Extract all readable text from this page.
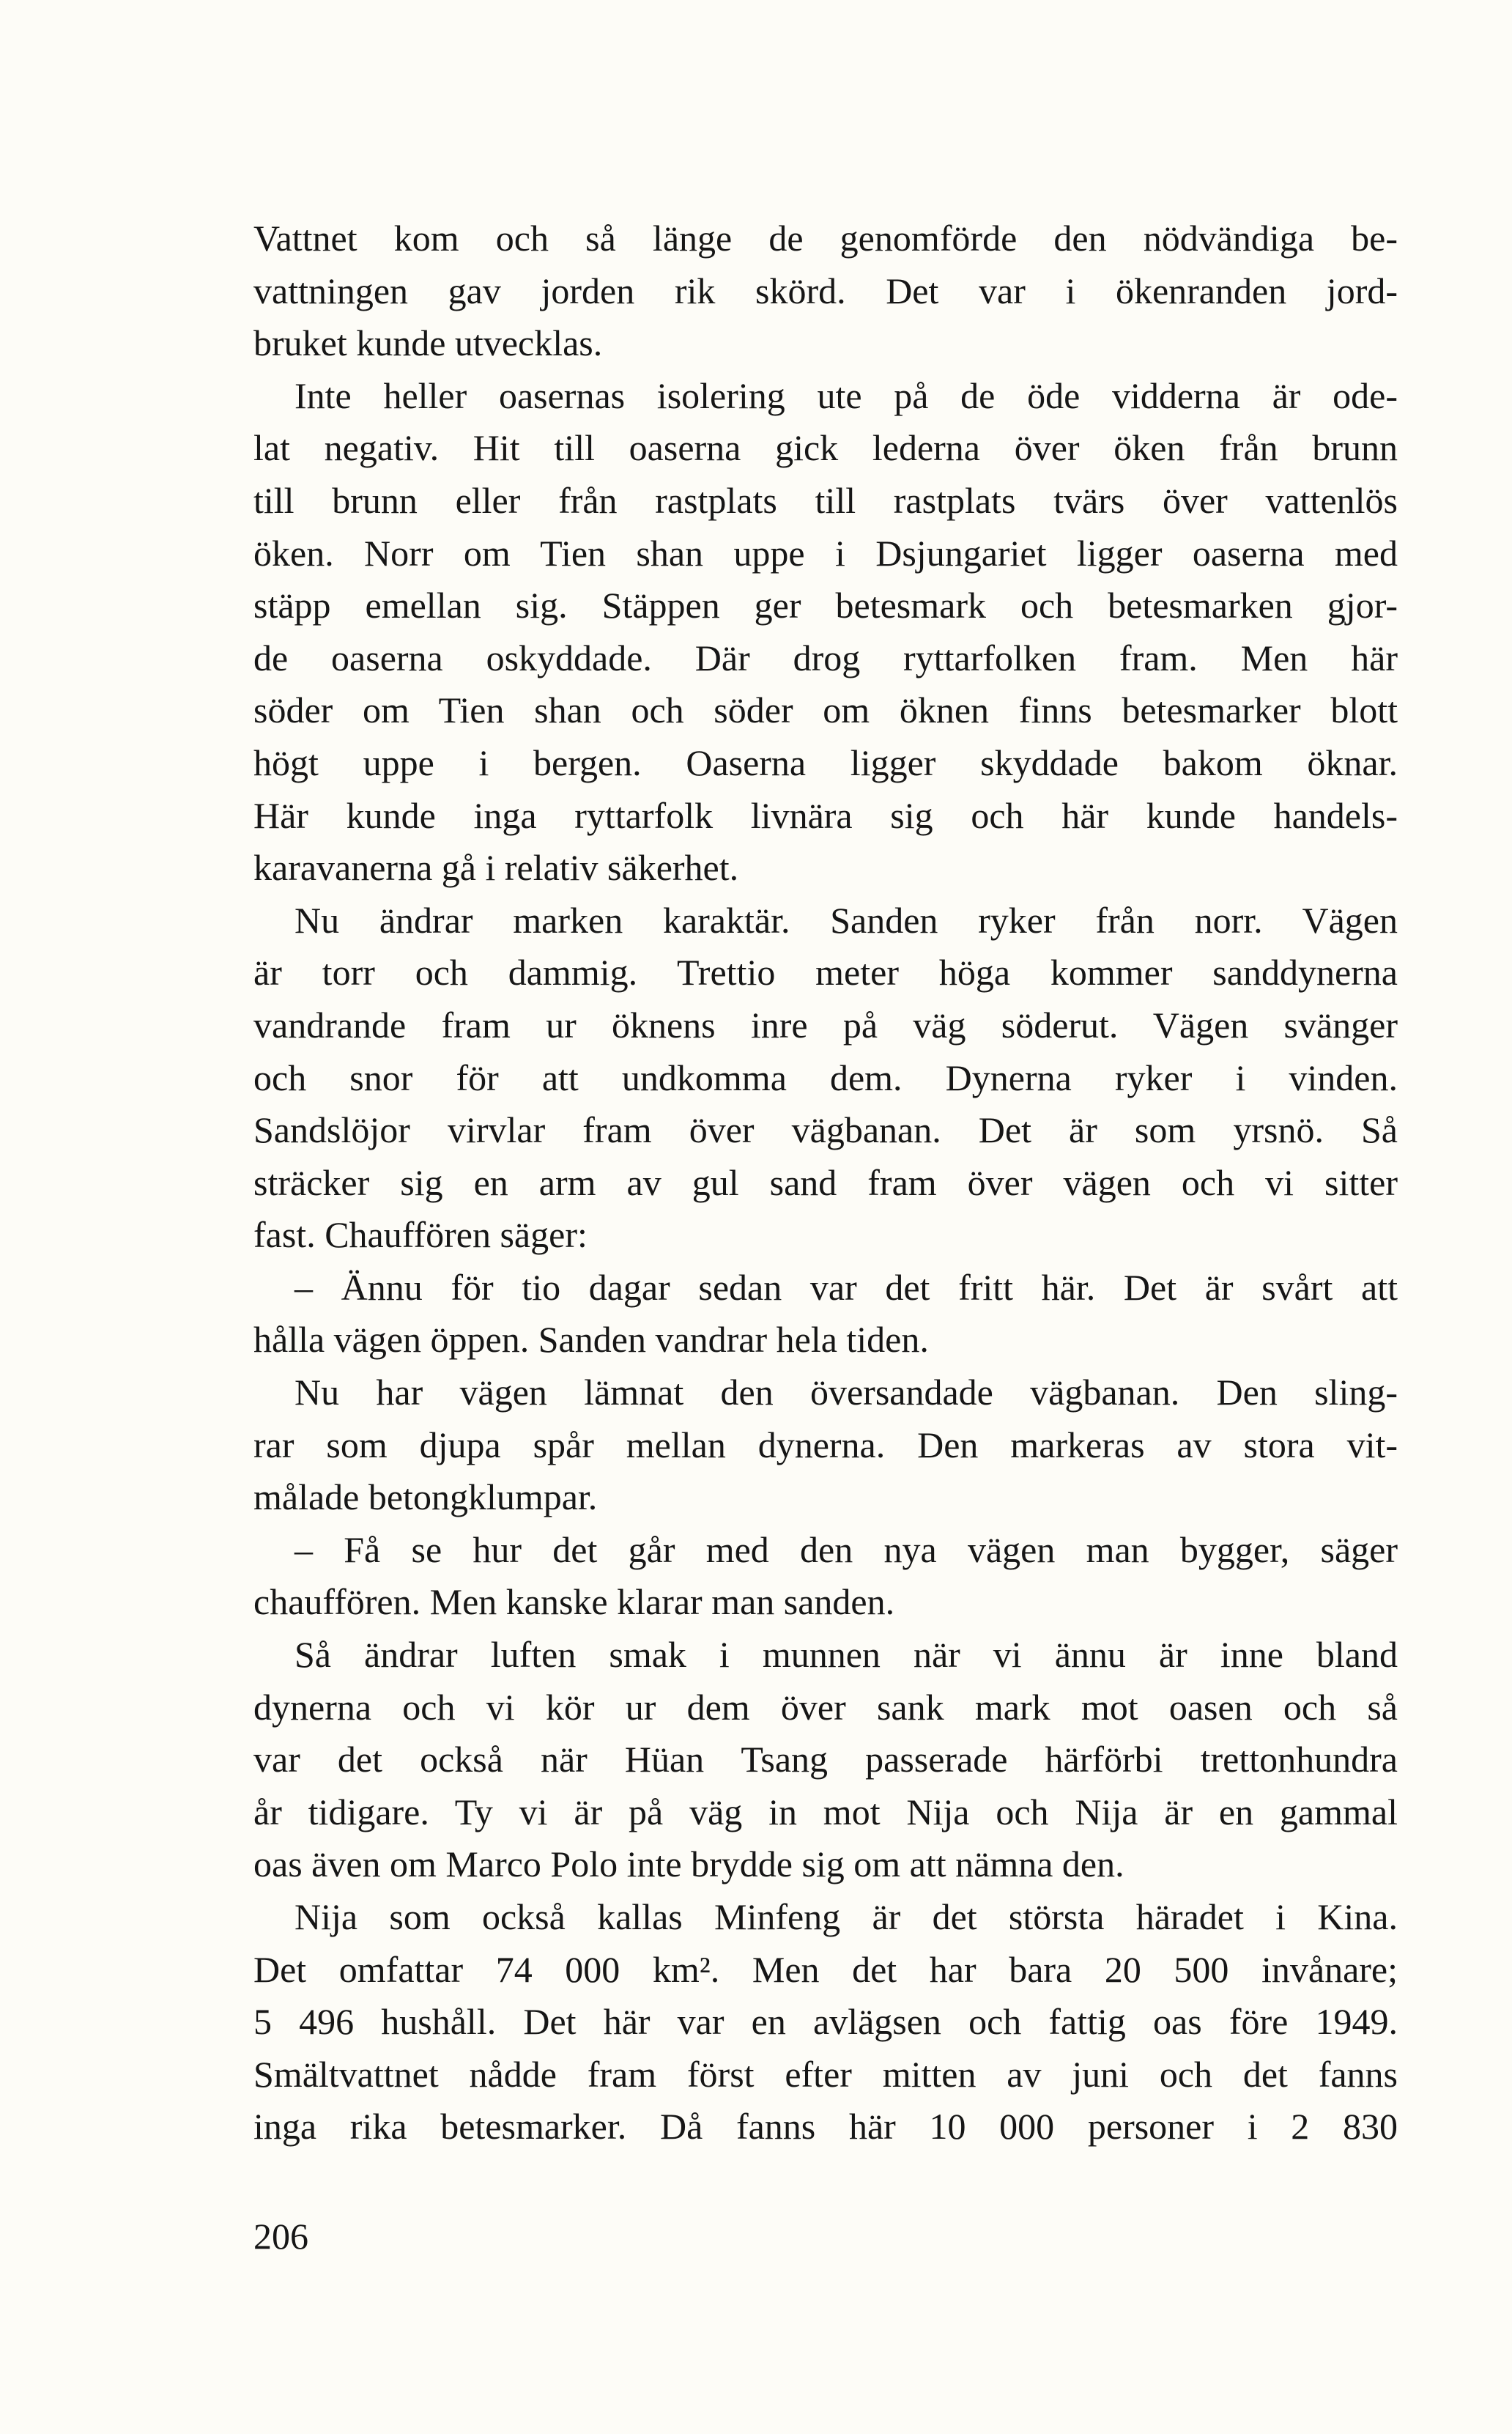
Vattnet kom och så länge de genomförde den nödvändiga be-
vattningen gav jorden rik skörd. Det var i ökenranden jord-
bruket kunde utvecklas.
Inte heller oasernas isolering ute på de öde vidderna är ode-
lat negativ. Hit till oaserna gick lederna över öken från brunn
till brunn eller från rastplats till rastplats tvärs över vattenlös
öken. Norr om Tien shan uppe i Dsjungariet ligger oaserna med
stäpp emellan sig. Stäppen ger betesmark och betesmarken gjor-
de oaserna oskyddade. Där drog ryttarfolken fram. Men här
söder om Tien shan och söder om öknen finns betesmarker blott
högt uppe i bergen. Oaserna ligger skyddade bakom öknar.
Här kunde inga ryttarfolk livnära sig och här kunde handels-
karavanerna gå i relativ säkerhet.
Nu ändrar marken karaktär. Sanden ryker från norr. Vägen
är torr och dammig. Trettio meter höga kommer sanddynerna
vandrande fram ur öknens inre på väg söderut. Vägen svänger
och snor för att undkomma dem. Dynerna ryker i vinden.
Sandslöjor virvlar fram över vägbanan. Det är som yrsnö. Så
sträcker sig en arm av gul sand fram över vägen och vi sitter
fast. Chauffören säger:
– Ännu för tio dagar sedan var det fritt här. Det är svårt att
hålla vägen öppen. Sanden vandrar hela tiden.
Nu har vägen lämnat den översandade vägbanan. Den sling-
rar som djupa spår mellan dynerna. Den markeras av stora vit-
målade betongklumpar.
– Få se hur det går med den nya vägen man bygger, säger
chauffören. Men kanske klarar man sanden.
Så ändrar luften smak i munnen när vi ännu är inne bland
dynerna och vi kör ur dem över sank mark mot oasen och så
var det också när Hüan Tsang passerade härförbi trettonhundra
år tidigare. Ty vi är på väg in mot Nija och Nija är en gammal
oas även om Marco Polo inte brydde sig om att nämna den.
Nija som också kallas Minfeng är det största häradet i Kina.
Det omfattar 74 000 km². Men det har bara 20 500 invånare;
5 496 hushåll. Det här var en avlägsen och fattig oas före 1949.
Smältvattnet nådde fram först efter mitten av juni och det fanns
inga rika betesmarker. Då fanns här 10 000 personer i 2 830
206
